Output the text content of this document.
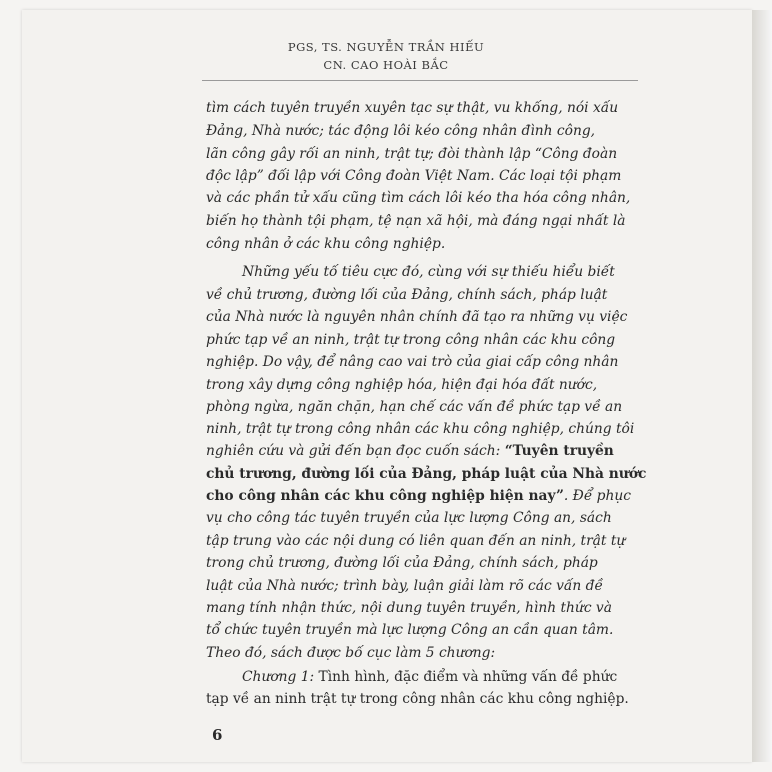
PGS, TS. NGUYỄN TRẦN HIẾU
CN. CAO HOÀI BẮC
tìm cách tuyên truyền xuyên tạc sự thật, vu khống, nói xấu
Đảng, Nhà nước; tác động lôi kéo công nhân đình công,
lãn công gây rối an ninh, trật tự; đòi thành lập “Công đoàn
độc lập” đối lập với Công đoàn Việt Nam. Các loại tội phạm
và các phần tử xấu cũng tìm cách lôi kéo tha hóa công nhân,
biến họ thành tội phạm, tệ nạn xã hội, mà đáng ngại nhất là
công nhân ở các khu công nghiệp.
Những yếu tố tiêu cực đó, cùng với sự thiếu hiểu biết
về chủ trương, đường lối của Đảng, chính sách, pháp luật
của Nhà nước là nguyên nhân chính đã tạo ra những vụ việc
phức tạp về an ninh, trật tự trong công nhân các khu công
nghiệp. Do vậy, để nâng cao vai trò của giai cấp công nhân
trong xây dựng công nghiệp hóa, hiện đại hóa đất nước,
phòng ngừa, ngăn chặn, hạn chế các vấn đề phức tạp về an
ninh, trật tự trong công nhân các khu công nghiệp, chúng tôi
nghiên cứu và gửi đến bạn đọc cuốn sách: “Tuyên truyền
chủ trương, đường lối của Đảng, pháp luật của Nhà nước
cho công nhân các khu công nghiệp hiện nay”. Để phục
vụ cho công tác tuyên truyền của lực lượng Công an, sách
tập trung vào các nội dung có liên quan đến an ninh, trật tự
trong chủ trương, đường lối của Đảng, chính sách, pháp
luật của Nhà nước; trình bày, luận giải làm rõ các vấn đề
mang tính nhận thức, nội dung tuyên truyền, hình thức và
tổ chức tuyên truyền mà lực lượng Công an cần quan tâm.
Theo đó, sách được bố cục làm 5 chương:
Chương 1: Tình hình, đặc điểm và những vấn đề phức
tạp về an ninh trật tự trong công nhân các khu công nghiệp.
6
